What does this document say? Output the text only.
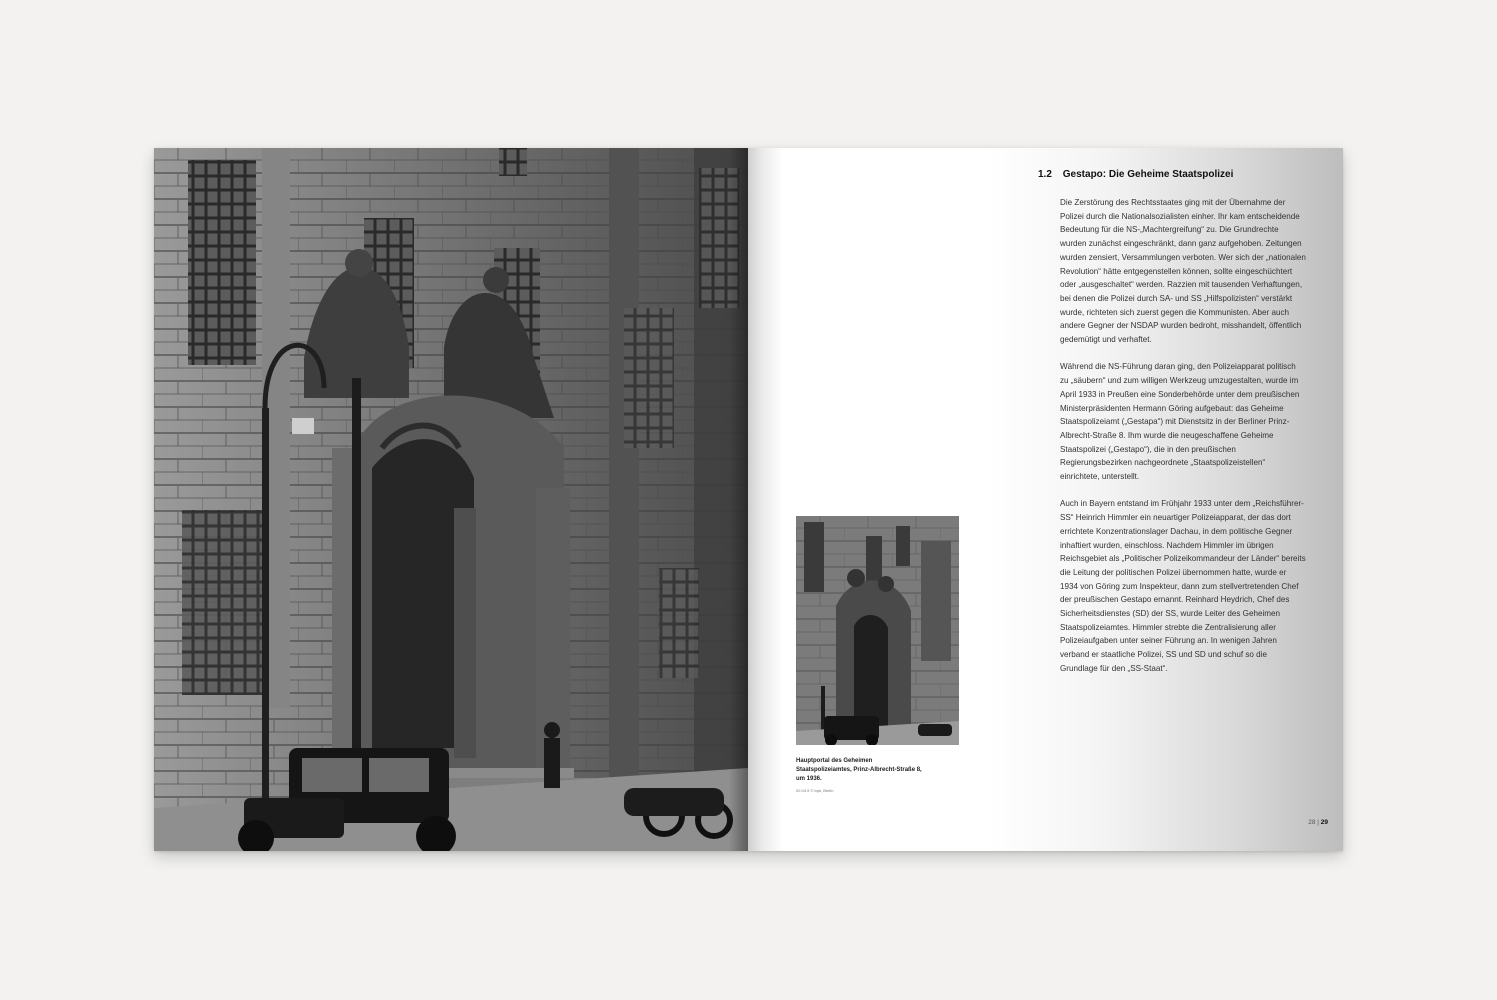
1.2 Gestapo: Die Geheime Staatspolizei

Die Zerstörung des Rechtsstaates ging mit der Übernahme der Polizei durch die Nationalsozialisten einher. Ihr kam entscheidende Bedeutung für die NS-„Machtergreifung“ zu. Die Grundrechte wurden zunächst eingeschränkt, dann ganz aufgehoben. Zeitungen wurden zensiert, Versammlungen verboten. Wer sich der „nationalen Revolution“ hätte entgegenstellen können, sollte eingeschüchtert oder „ausgeschaltet“ werden. Razzien mit tausenden Verhaftungen, bei denen die Polizei durch SA- und SS „Hilfspolizisten“ verstärkt wurde, richteten sich zuerst gegen die Kommunisten. Aber auch andere Gegner der NSDAP wurden bedroht, misshandelt, öffentlich gedemütigt und verhaftet.

Während die NS-Führung daran ging, den Polizeiapparat politisch zu „säubern“ und zum willigen Werkzeug umzugestalten, wurde im April 1933 in Preußen eine Sonderbehörde unter dem preußischen Ministerpräsidenten Hermann Göring aufgebaut: das Geheime Staatspolizeiamt („Gestapa“) mit Dienstsitz in der Berliner Prinz-Albrecht-Straße 8. Ihm wurde die neugeschaffene Geheime Staatspolizei („Gestapo“), die in den preußischen Regierungsbezirken nachgeordnete „Staatspolizeistellen“ einrichtete, unterstellt.

Auch in Bayern entstand im Frühjahr 1933 unter dem „Reichsführer-SS“ Heinrich Himmler ein neuartiger Polizeiapparat, der das dort errichtete Konzentrationslager Dachau, in dem politische Gegner inhaftiert wurden, einschloss. Nachdem Himmler im übrigen Reichsgebiet als „Politischer Polizeikommandeur der Länder“ bereits die Leitung der politischen Polizei übernommen hatte, wurde er 1934 von Göring zum Inspekteur, dann zum stellvertretenden Chef der preußischen Gestapo ernannt. Reinhard Heydrich, Chef des Sicherheitsdienstes (SD) der SS, wurde Leiter des Geheimen Staatspolizeiamtes. Himmler strebte die Zentralisierung aller Polizeiaufgaben unter seiner Führung an. In wenigen Jahren verband er staatliche Polizei, SS und SD und schuf so die Grundlage für den „SS-Staat“.

Hauptportal des Geheimen Staatspolizeiamtes, Prinz-Albrecht-Straße 8, um 1936.
02.04.9 © bpk, Berlin
28 | 29
